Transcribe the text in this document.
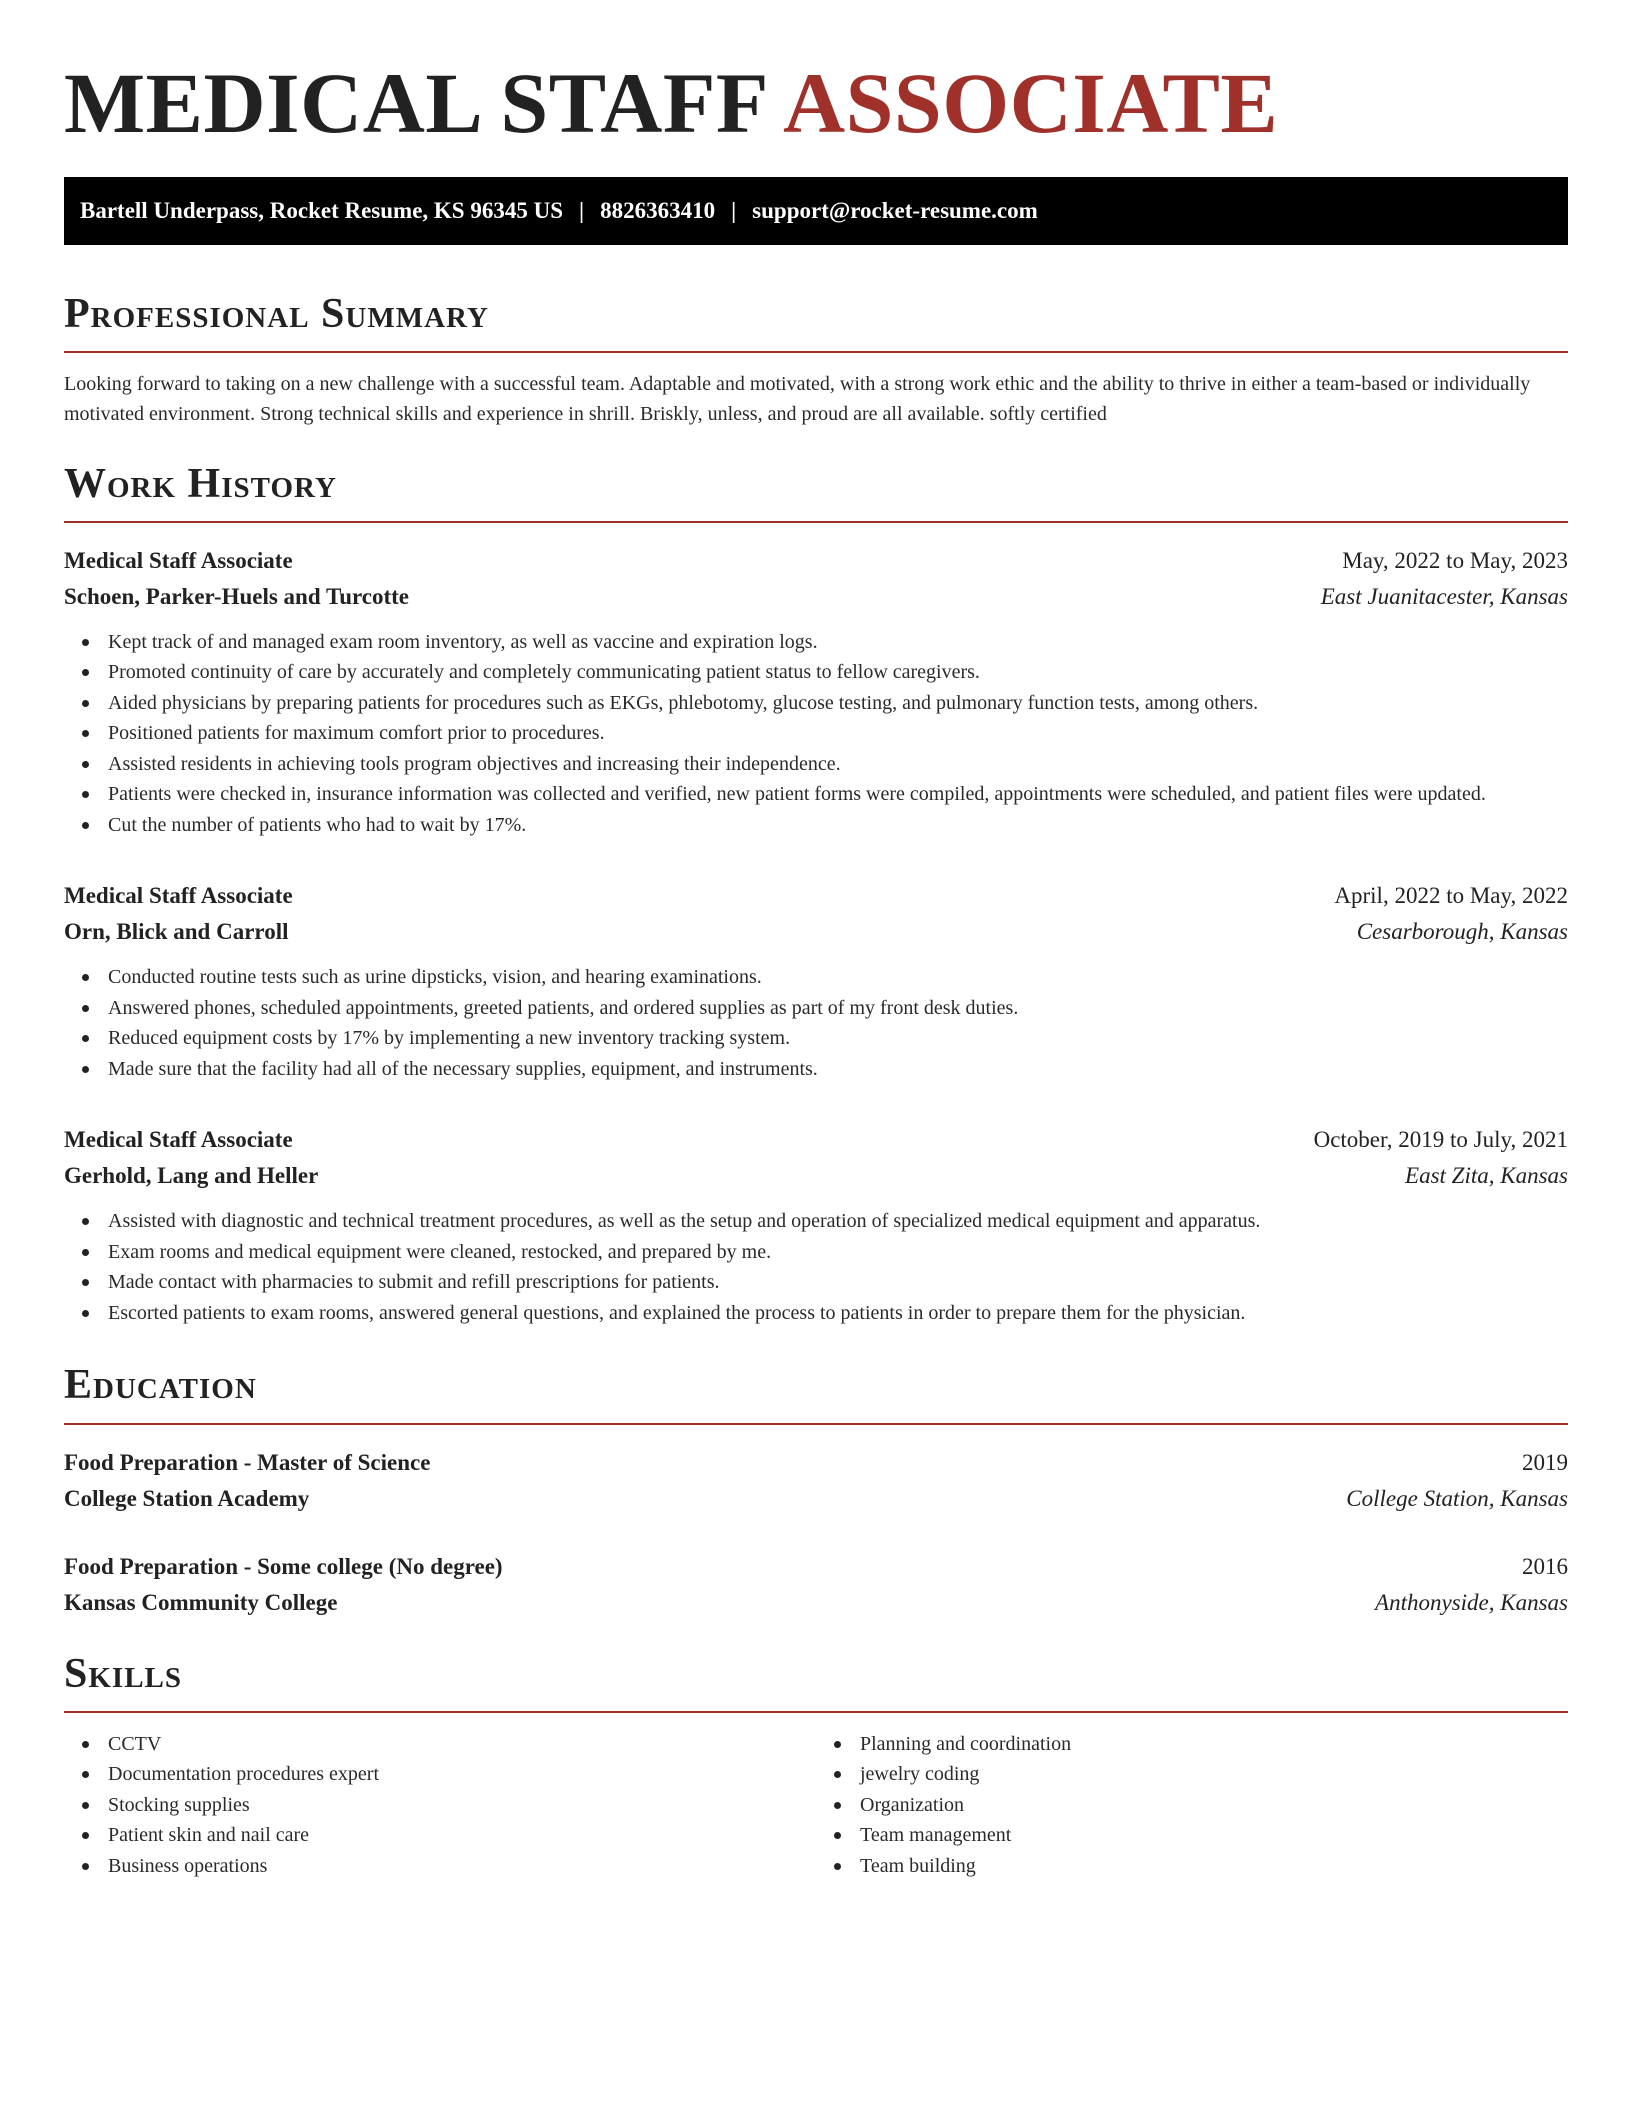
MEDICAL STAFF ASSOCIATE
Bartell Underpass, Rocket Resume, KS 96345 US | 8826363410 | support@rocket-resume.com
Professional Summary

Looking forward to taking on a new challenge with a successful team. Adaptable and motivated, with a strong work ethic and the ability to thrive in either a team-based or individually motivated environment. Strong technical skills and experience in shrill. Briskly, unless, and proud are all available. softly certified

Work History
Medical Staff Associate	May, 2022 to May, 2023
Schoen, Parker-Huels and Turcotte	East Juanitacester, Kansas
Kept track of and managed exam room inventory, as well as vaccine and expiration logs.
Promoted continuity of care by accurately and completely communicating patient status to fellow caregivers.
Aided physicians by preparing patients for procedures such as EKGs, phlebotomy, glucose testing, and pulmonary function tests, among others.
Positioned patients for maximum comfort prior to procedures.
Assisted residents in achieving tools program objectives and increasing their independence.
Patients were checked in, insurance information was collected and verified, new patient forms were compiled, appointments were scheduled, and patient files were updated.
Cut the number of patients who had to wait by 17%.
Medical Staff Associate	April, 2022 to May, 2022
Orn, Blick and Carroll	Cesarborough, Kansas
Conducted routine tests such as urine dipsticks, vision, and hearing examinations.
Answered phones, scheduled appointments, greeted patients, and ordered supplies as part of my front desk duties.
Reduced equipment costs by 17% by implementing a new inventory tracking system.
Made sure that the facility had all of the necessary supplies, equipment, and instruments.
Medical Staff Associate	October, 2019 to July, 2021
Gerhold, Lang and Heller	East Zita, Kansas
Assisted with diagnostic and technical treatment procedures, as well as the setup and operation of specialized medical equipment and apparatus.
Exam rooms and medical equipment were cleaned, restocked, and prepared by me.
Made contact with pharmacies to submit and refill prescriptions for patients.
Escorted patients to exam rooms, answered general questions, and explained the process to patients in order to prepare them for the physician.
Education
Food Preparation - Master of Science	2019
College Station Academy	College Station, Kansas
Food Preparation - Some college (No degree)	2016
Kansas Community College	Anthonyside, Kansas
Skills
CCTV
Documentation procedures expert
Stocking supplies
Patient skin and nail care
Business operations
Planning and coordination
jewelry coding
Organization
Team management
Team building
